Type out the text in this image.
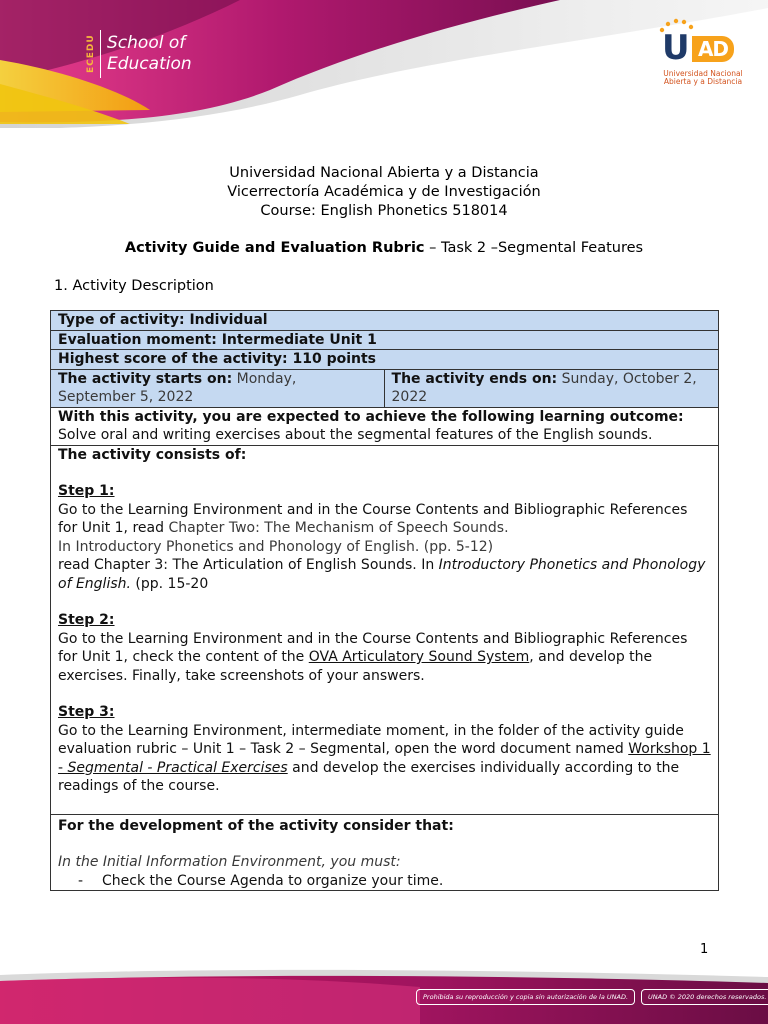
ECEDU School of
Education	U AD
Universidad Nacional
Abierta y a Distancia
Universidad Nacional Abierta y a Distancia
Vicerrectoría Académica y de Investigación
Course: English Phonetics 518014
Activity Guide and Evaluation Rubric – Task 2 –Segmental Features
1. Activity Description
Type of activity: Individual
Evaluation moment: Intermediate Unit 1
Highest score of the activity: 110 points
The activity starts on: Monday, September 5, 2022	The activity ends on: Sunday, October 2, 2022

With this activity, you are expected to achieve the following learning outcome:
Solve oral and writing exercises about the segmental features of the English sounds.

The activity consists of:
Step 1:
Go to the Learning Environment and in the Course Contents and Bibliographic References for Unit 1, read Chapter Two: The Mechanism of Speech Sounds.
In Introductory Phonetics and Phonology of English. (pp. 5-12)
read Chapter 3: The Articulation of English Sounds. In Introductory Phonetics and Phonology of English. (pp. 15-20
Step 2:
Go to the Learning Environment and in the Course Contents and Bibliographic References for Unit 1, check the content of the OVA Articulatory Sound System, and develop the exercises. Finally, take screenshots of your answers.
Step 3:
Go to the Learning Environment, intermediate moment, in the folder of the activity guide evaluation rubric – Unit 1 – Task 2 – Segmental, open the word document named Workshop 1 - Segmental - Practical Exercises and develop the exercises individually according to the readings of the course.

For the development of the activity consider that:
In the Initial Information Environment, you must:
- Check the Course Agenda to organize your time.
1
Prohibida su reproducción y copia sin autorización de la UNAD.	UNAD © 2020 derechos reservados.
